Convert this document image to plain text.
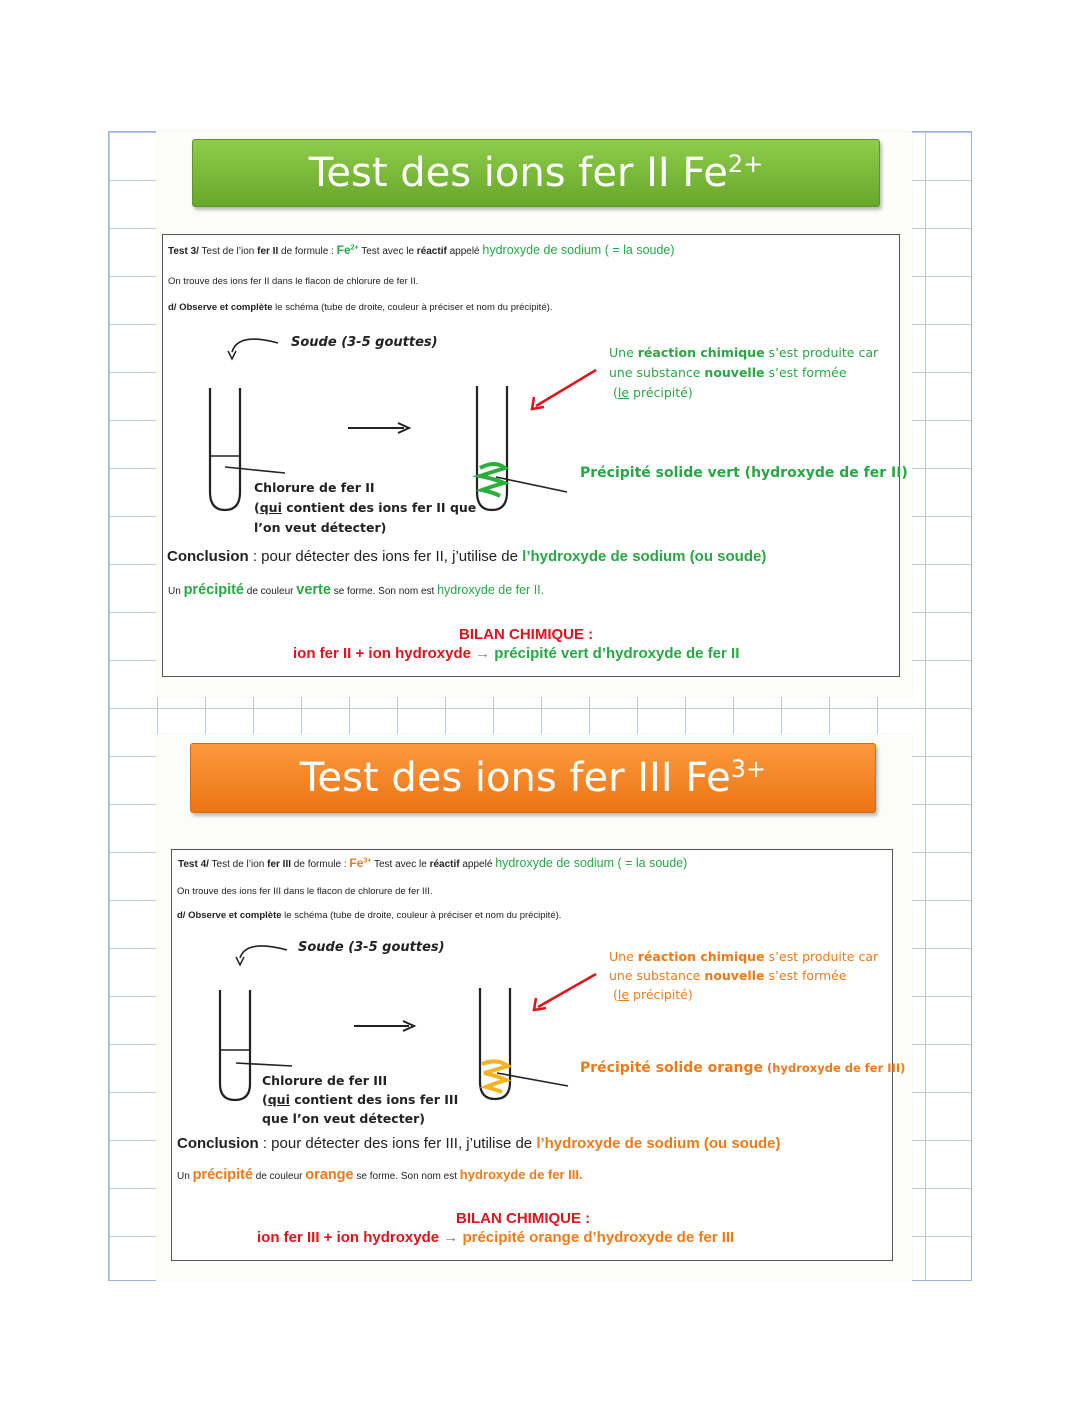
Test des ions fer II $Fe^{2+}$
Test 3/ Test de l’ion fer II de formule : $Fe^{2+}$ Test avec le réactif appelé hydroxyde de sodium ( = la soude)
On trouve des ions fer II dans le flacon de chlorure de fer II.
d/ Observe et complète le schéma (tube de droite, couleur à préciser et nom du précipité).
Soude (3-5 gouttes)
Une réaction chimique s’est produite car
une substance nouvelle s’est formée
(le précipité)
Précipité solide vert (hydroxyde de fer II)
Chlorure de fer II
(qui contient des ions fer II que
l’on veut détecter)
Conclusion : pour détecter des ions fer II, j’utilise de l’hydroxyde de sodium (ou soude)
Un précipité de couleur verte se forme. Son nom est hydroxyde de fer II.
BILAN CHIMIQUE :
ion fer II + ion hydroxyde → précipité vert d’hydroxyde de fer II
Test des ions fer III $Fe^{3+}$
Test 4/ Test de l’ion fer III de formule : $Fe^{3+}$ Test avec le réactif appelé hydroxyde de sodium ( = la soude)
On trouve des ions fer III dans le flacon de chlorure de fer III.
d/ Observe et complète le schéma (tube de droite, couleur à préciser et nom du précipité).
Soude (3-5 gouttes)
Une réaction chimique s’est produite car
une substance nouvelle s’est formée
(le précipité)
Précipité solide orange (hydroxyde de fer III)
Chlorure de fer III
(qui contient des ions fer III
que l’on veut détecter)
Conclusion : pour détecter des ions fer III, j’utilise de l’hydroxyde de sodium (ou soude)
Un précipité de couleur orange se forme. Son nom est hydroxyde de fer III.
BILAN CHIMIQUE :
ion fer III + ion hydroxyde → précipité orange d’hydroxyde de fer III
